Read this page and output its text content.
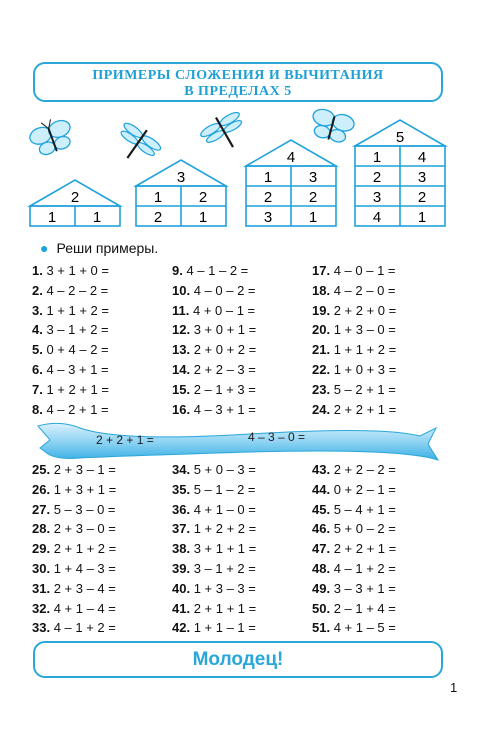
ПРИМЕРЫ СЛОЖЕНИЯ И ВЫЧИТАНИЯ
В ПРЕДЕЛАХ 5
2
1 1
3
1 2
2 1
4
1 3
2 2
3 1
5
1 4
2 3
3 2
4 1
● Реши примеры.
1. 3 + 1 + 0 =
2. 4 – 2 – 2 =
3. 1 + 1 + 2 =
4. 3 – 1 + 2 =
5. 0 + 4 – 2 =
6. 4 – 3 + 1 =
7. 1 + 2 + 1 =
8. 4 – 2 + 1 =
9. 4 – 1 – 2 =
10. 4 – 0 – 2 =
11. 4 + 0 – 1 =
12. 3 + 0 + 1 =
13. 2 + 0 + 2 =
14. 2 + 2 – 3 =
15. 2 – 1 + 3 =
16. 4 – 3 + 1 =
17. 4 – 0 – 1 =
18. 4 – 2 – 0 =
19. 2 + 2 + 0 =
20. 1 + 3 – 0 =
21. 1 + 1 + 2 =
22. 1 + 0 + 3 =
23. 5 – 2 + 1 =
24. 2 + 2 + 1 =
25. 2 + 3 – 1 =
26. 1 + 3 + 1 =
27. 5 – 3 – 0 =
28. 2 + 3 – 0 =
29. 2 + 1 + 2 =
30. 1 + 4 – 3 =
31. 2 + 3 – 4 =
32. 4 + 1 – 4 =
33. 4 – 1 + 2 =
34. 5 + 0 – 3 =
35. 5 – 1 – 2 =
36. 4 + 1 – 0 =
37. 1 + 2 + 2 =
38. 3 + 1 + 1 =
39. 3 – 1 + 2 =
40. 1 + 3 – 3 =
41. 2 + 1 + 1 =
42. 1 + 1 – 1 =
43. 2 + 2 – 2 =
44. 0 + 2 – 1 =
45. 5 – 4 + 1 =
46. 5 + 0 – 2 =
47. 2 + 2 + 1 =
48. 4 – 1 + 2 =
49. 3 – 3 + 1 =
50. 2 – 1 + 4 =
51. 4 + 1 – 5 =
2 + 2 + 1 =	4 – 3 – 0 =
Молодец!
1
